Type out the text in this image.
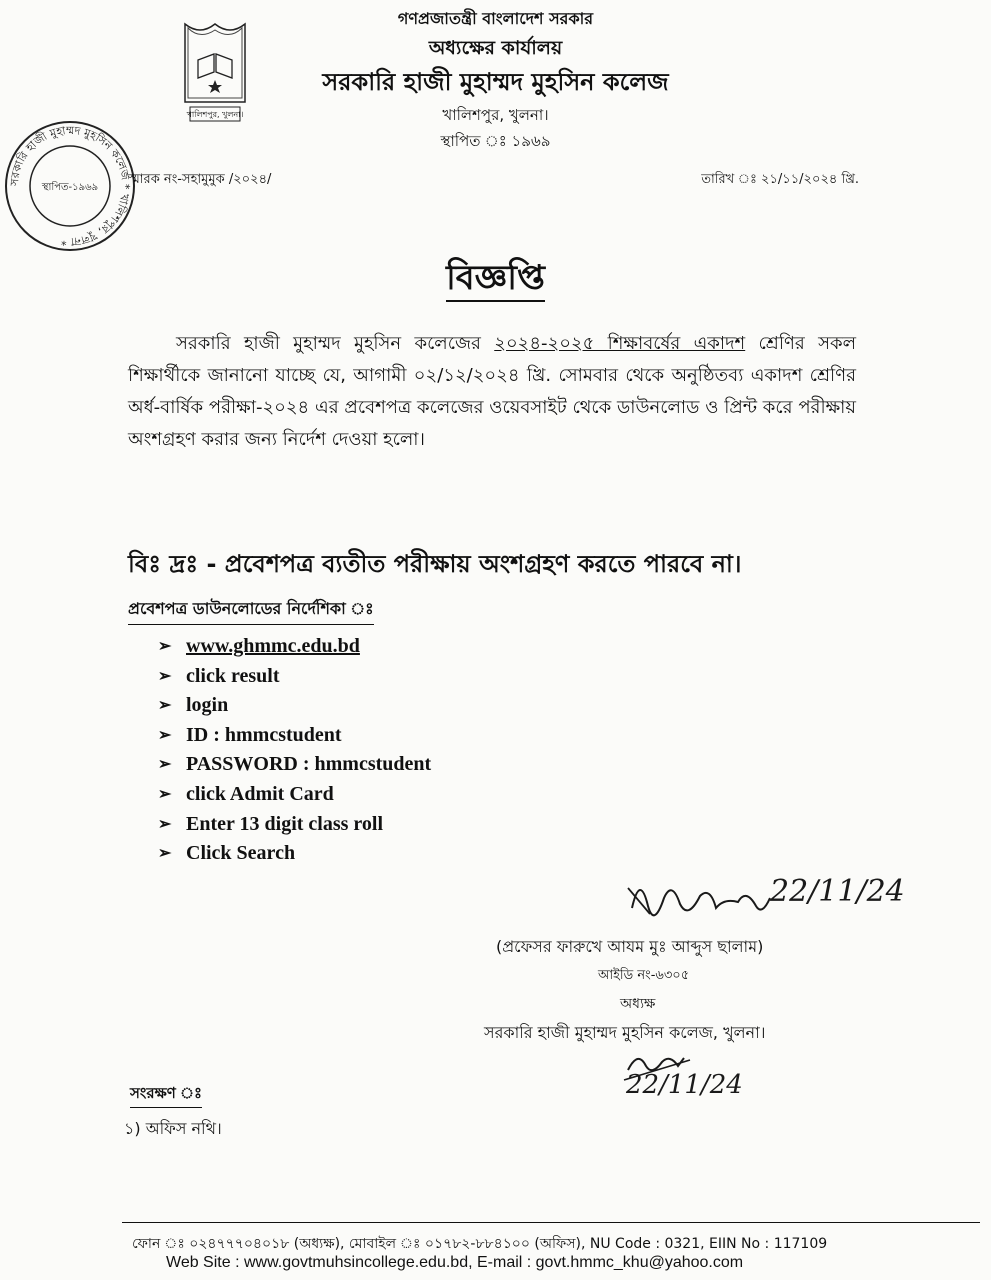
খালিশপুর, খুলনা।
সরকারি হাজী মুহাম্মদ মুহসিন কলেজ * খালিশপুর, খুলনা *
স্থাপিত-১৯৬৯
গণপ্রজাতন্ত্রী বাংলাদেশ সরকার
অধ্যক্ষের কার্যালয়
সরকারি হাজী মুহাম্মদ মুহসিন কলেজ
খালিশপুর, খুলনা।
স্থাপিত ঃ ১৯৬৯
স্মারক নং-সহামুমুক /২০২৪/	তারিখ ঃ ২১/১১/২০২৪ খ্রি.
বিজ্ঞপ্তি
সরকারি হাজী মুহাম্মদ মুহসিন কলেজের ২০২৪-২০২৫ শিক্ষাবর্ষের একাদশ শ্রেণির সকল শিক্ষার্থীকে জানানো যাচ্ছে যে, আগামী ০২/১২/২০২৪ খ্রি. সোমবার থেকে অনুষ্ঠিতব্য একাদশ শ্রেণির অর্ধ-বার্ষিক পরীক্ষা-২০২৪ এর প্রবেশপত্র কলেজের ওয়েবসাইট থেকে ডাউনলোড ও প্রিন্ট করে পরীক্ষায় অংশগ্রহণ করার জন্য নির্দেশ দেওয়া হলো।
বিঃ দ্রঃ - প্রবেশপত্র ব্যতীত পরীক্ষায় অংশগ্রহণ করতে পারবে না।
প্রবেশপত্র ডাউনলোডের নির্দেশিকা ঃ
➢ www.ghmmc.edu.bd
➢ click result
➢ login
➢ ID : hmmcstudent
➢ PASSWORD : hmmcstudent
➢ click Admit Card
➢ Enter 13 digit class roll
➢ Click Search
22/11/24
(প্রফেসর ফারুখে আযম মুঃ আব্দুস ছালাম)
আইডি নং-৬৩০৫
অধ্যক্ষ
সরকারি হাজী মুহাম্মদ মুহসিন কলেজ, খুলনা।
22/11/24
সংরক্ষণ ঃ
১) অফিস নথি।
ফোন ঃ ০২৪৭৭৭০৪০১৮ (অধ্যক্ষ), মোবাইল ঃ ০১৭৮২-৮৮৪১০০ (অফিস), NU Code : 0321, EIIN No : 117109
Web Site : www.govtmuhsincollege.edu.bd, E-mail : govt.hmmc_khu@yahoo.com
